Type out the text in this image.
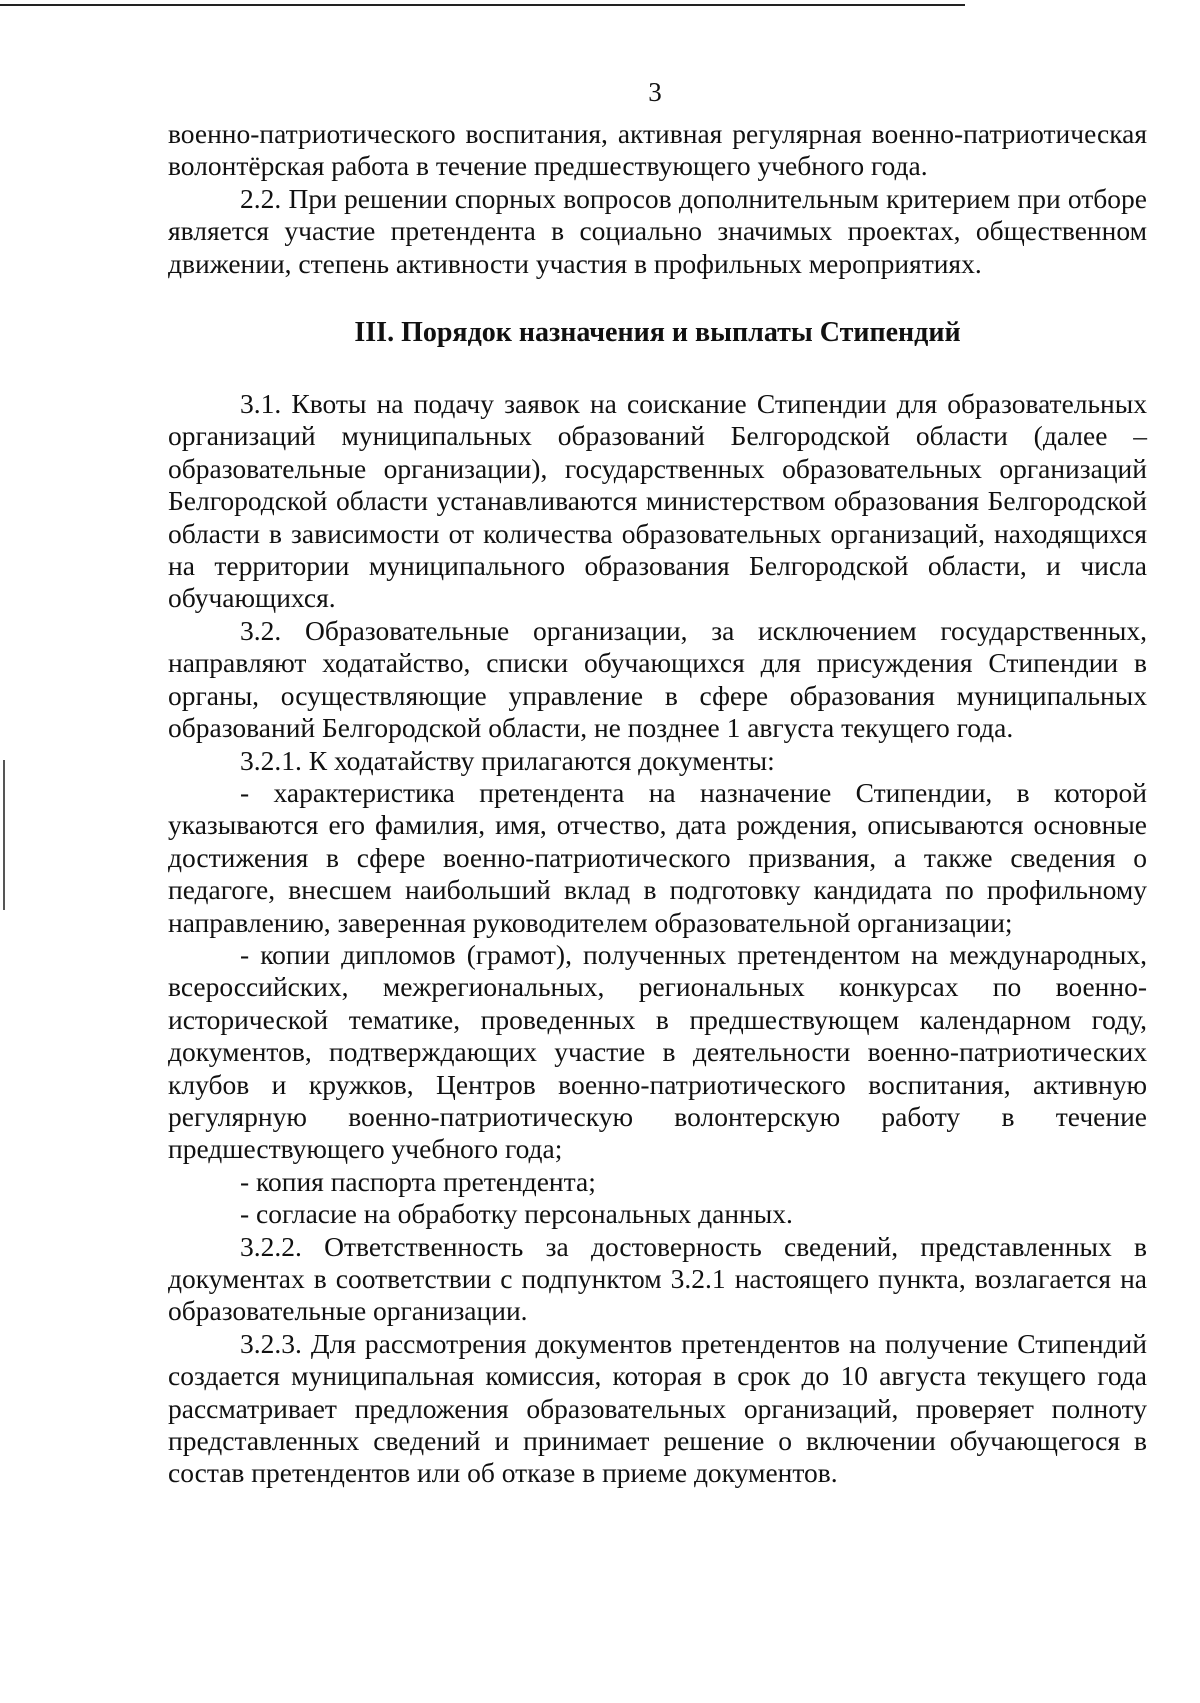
3

военно-патриотического воспитания, активная регулярная военно-патриотическая волонтёрская работа в течение предшествующего учебного года.

2.2. При решении спорных вопросов дополнительным критерием при отборе является участие претендента в социально значимых проектах, общественном движении, степень активности участия в профильных мероприятиях.

III. Порядок назначения и выплаты Стипендий

3.1. Квоты на подачу заявок на соискание Стипендии для образовательных организаций муниципальных образований Белгородской области (далее – образовательные организации), государственных образовательных организаций Белгородской области устанавливаются министерством образования Белгородской области в зависимости от количества образовательных организаций, находящихся на территории муниципального образования Белгородской области, и числа обучающихся.

3.2. Образовательные организации, за исключением государственных, направляют ходатайство, списки обучающихся для присуждения Стипендии в органы, осуществляющие управление в сфере образования муниципальных образований Белгородской области, не позднее 1 августа текущего года.

3.2.1. К ходатайству прилагаются документы:

- характеристика претендента на назначение Стипендии, в которой указываются его фамилия, имя, отчество, дата рождения, описываются основные достижения в сфере военно-патриотического призвания, а также сведения о педагоге, внесшем наибольший вклад в подготовку кандидата по профильному направлению, заверенная руководителем образовательной организации;

- копии дипломов (грамот), полученных претендентом на международных, всероссийских, межрегиональных, региональных конкурсах по военно-исторической тематике, проведенных в предшествующем календарном году, документов, подтверждающих участие в деятельности военно-патриотических клубов и кружков, Центров военно-патриотического воспитания, активную регулярную военно-патриотическую волонтерскую работу в течение предшествующего учебного года;

- копия паспорта претендента;

- согласие на обработку персональных данных.

3.2.2. Ответственность за достоверность сведений, представленных в документах в соответствии с подпунктом 3.2.1 настоящего пункта, возлагается на образовательные организации.

3.2.3. Для рассмотрения документов претендентов на получение Стипендий создается муниципальная комиссия, которая в срок до 10 августа текущего года рассматривает предложения образовательных организаций, проверяет полноту представленных сведений и принимает решение о включении обучающегося в состав претендентов или об отказе в приеме документов.
